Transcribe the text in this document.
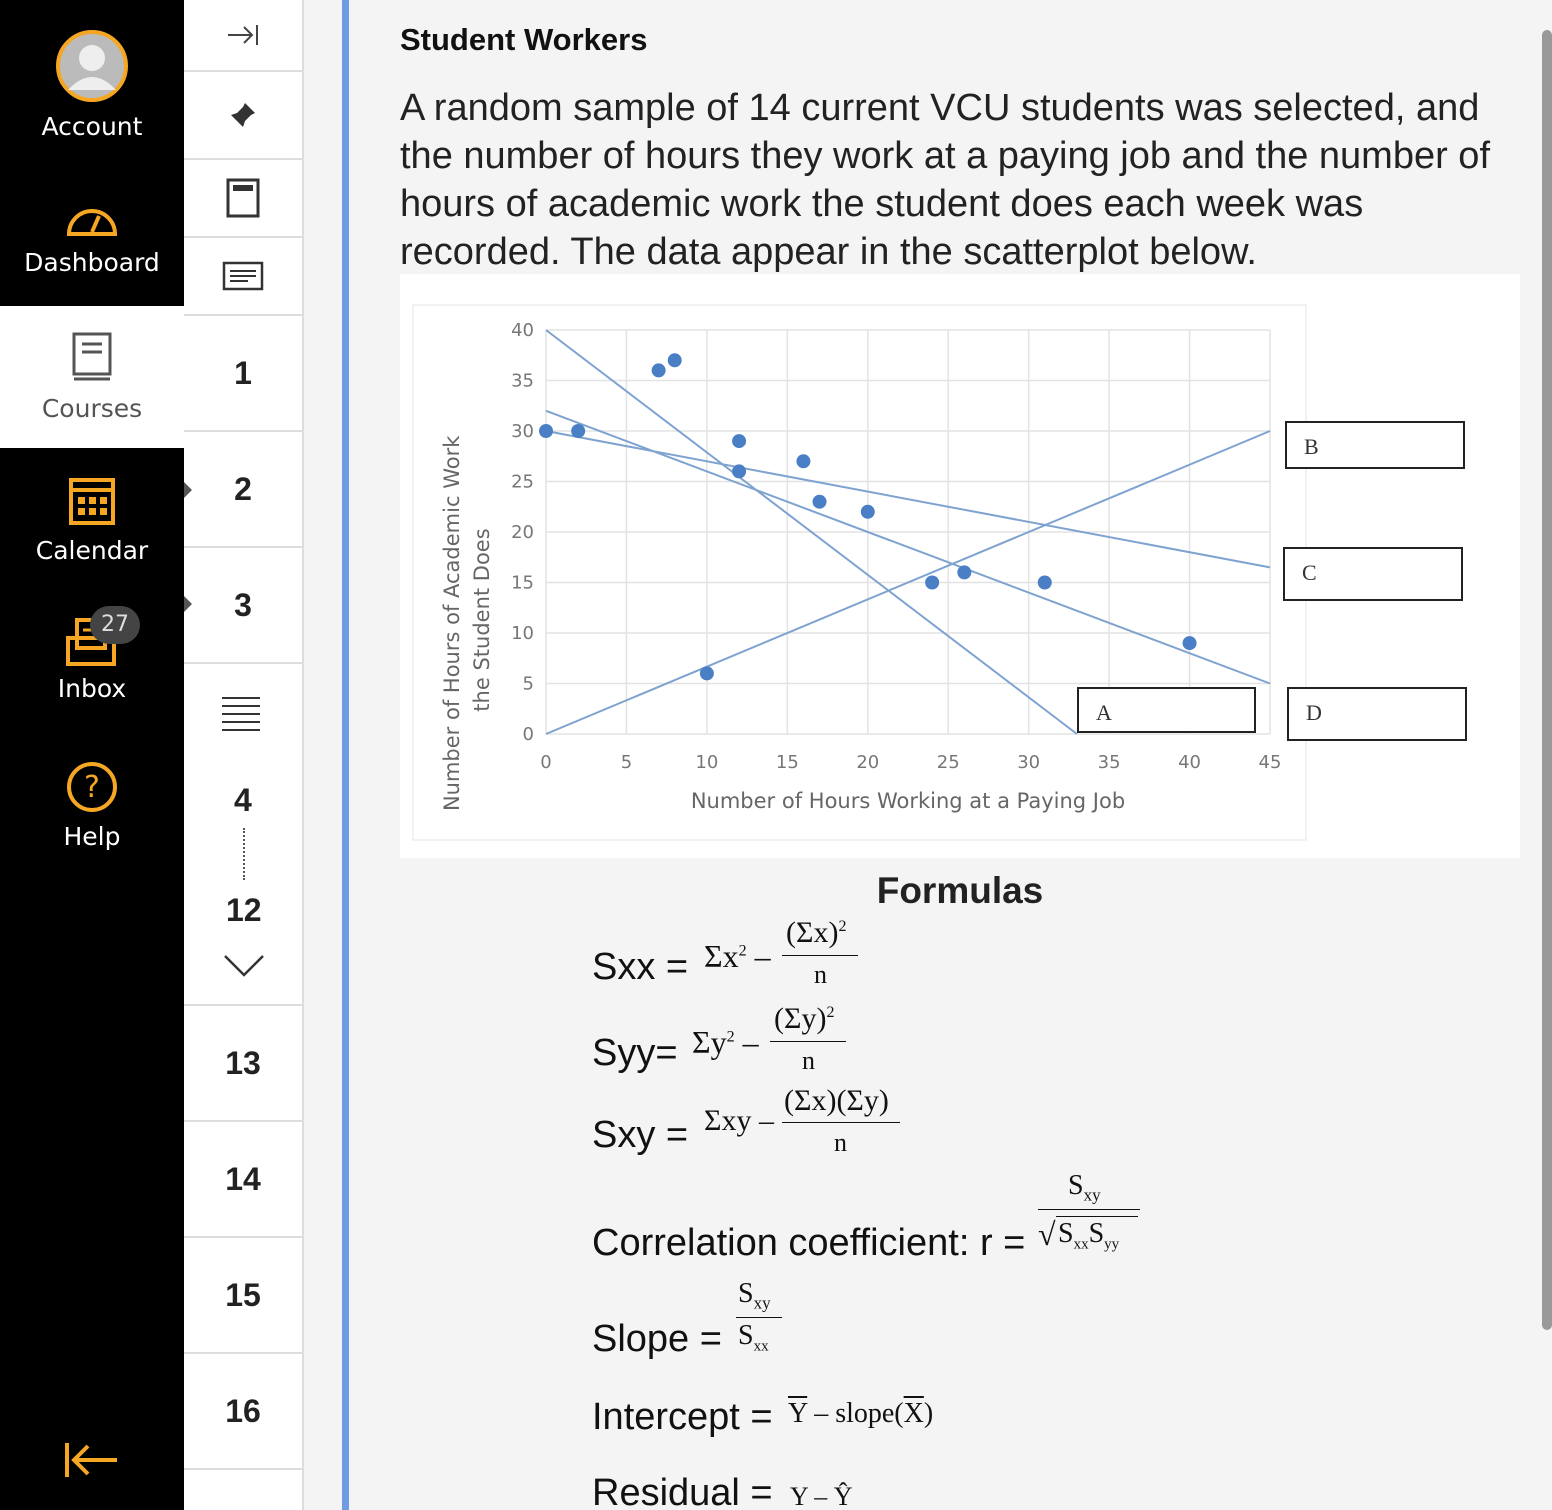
Account
Dashboard
Courses
Calendar
Inbox
27
?
Help
1
2
3
4
12
13
14
15
16
Student Workers

A random sample of 14 current VCU students was selected, and the number of hours they work at a paying job and the number of hours of academic work the student does each week was recorded. The data appear in the scatterplot below.

0	5	10	15	20	25	30	35	40	45
0
5
10
15
20
25
30
35
40
A
B
C
D
Number of Hours Working at a Paying Job
Number of Hours of Academic Work the Student Does
Formulas
Sxx = $\Sigma x^2$ –
$(\Sigma x)^2$
n
$Syy= \Sigma y^2$ –
$(\Sigma y)^2$
n
Sxy = Σxy –
(Σx)(Σy)
n
Correlation coefficient: r =
$S_{xy}$
√ $S_{xx}S_{yy}$
Slope =
$S_{xy}$
$S_{xx}$
Intercept = $\overline{Y}$ – $slope(\overline{X})$
Residual = Y – Ŷ
